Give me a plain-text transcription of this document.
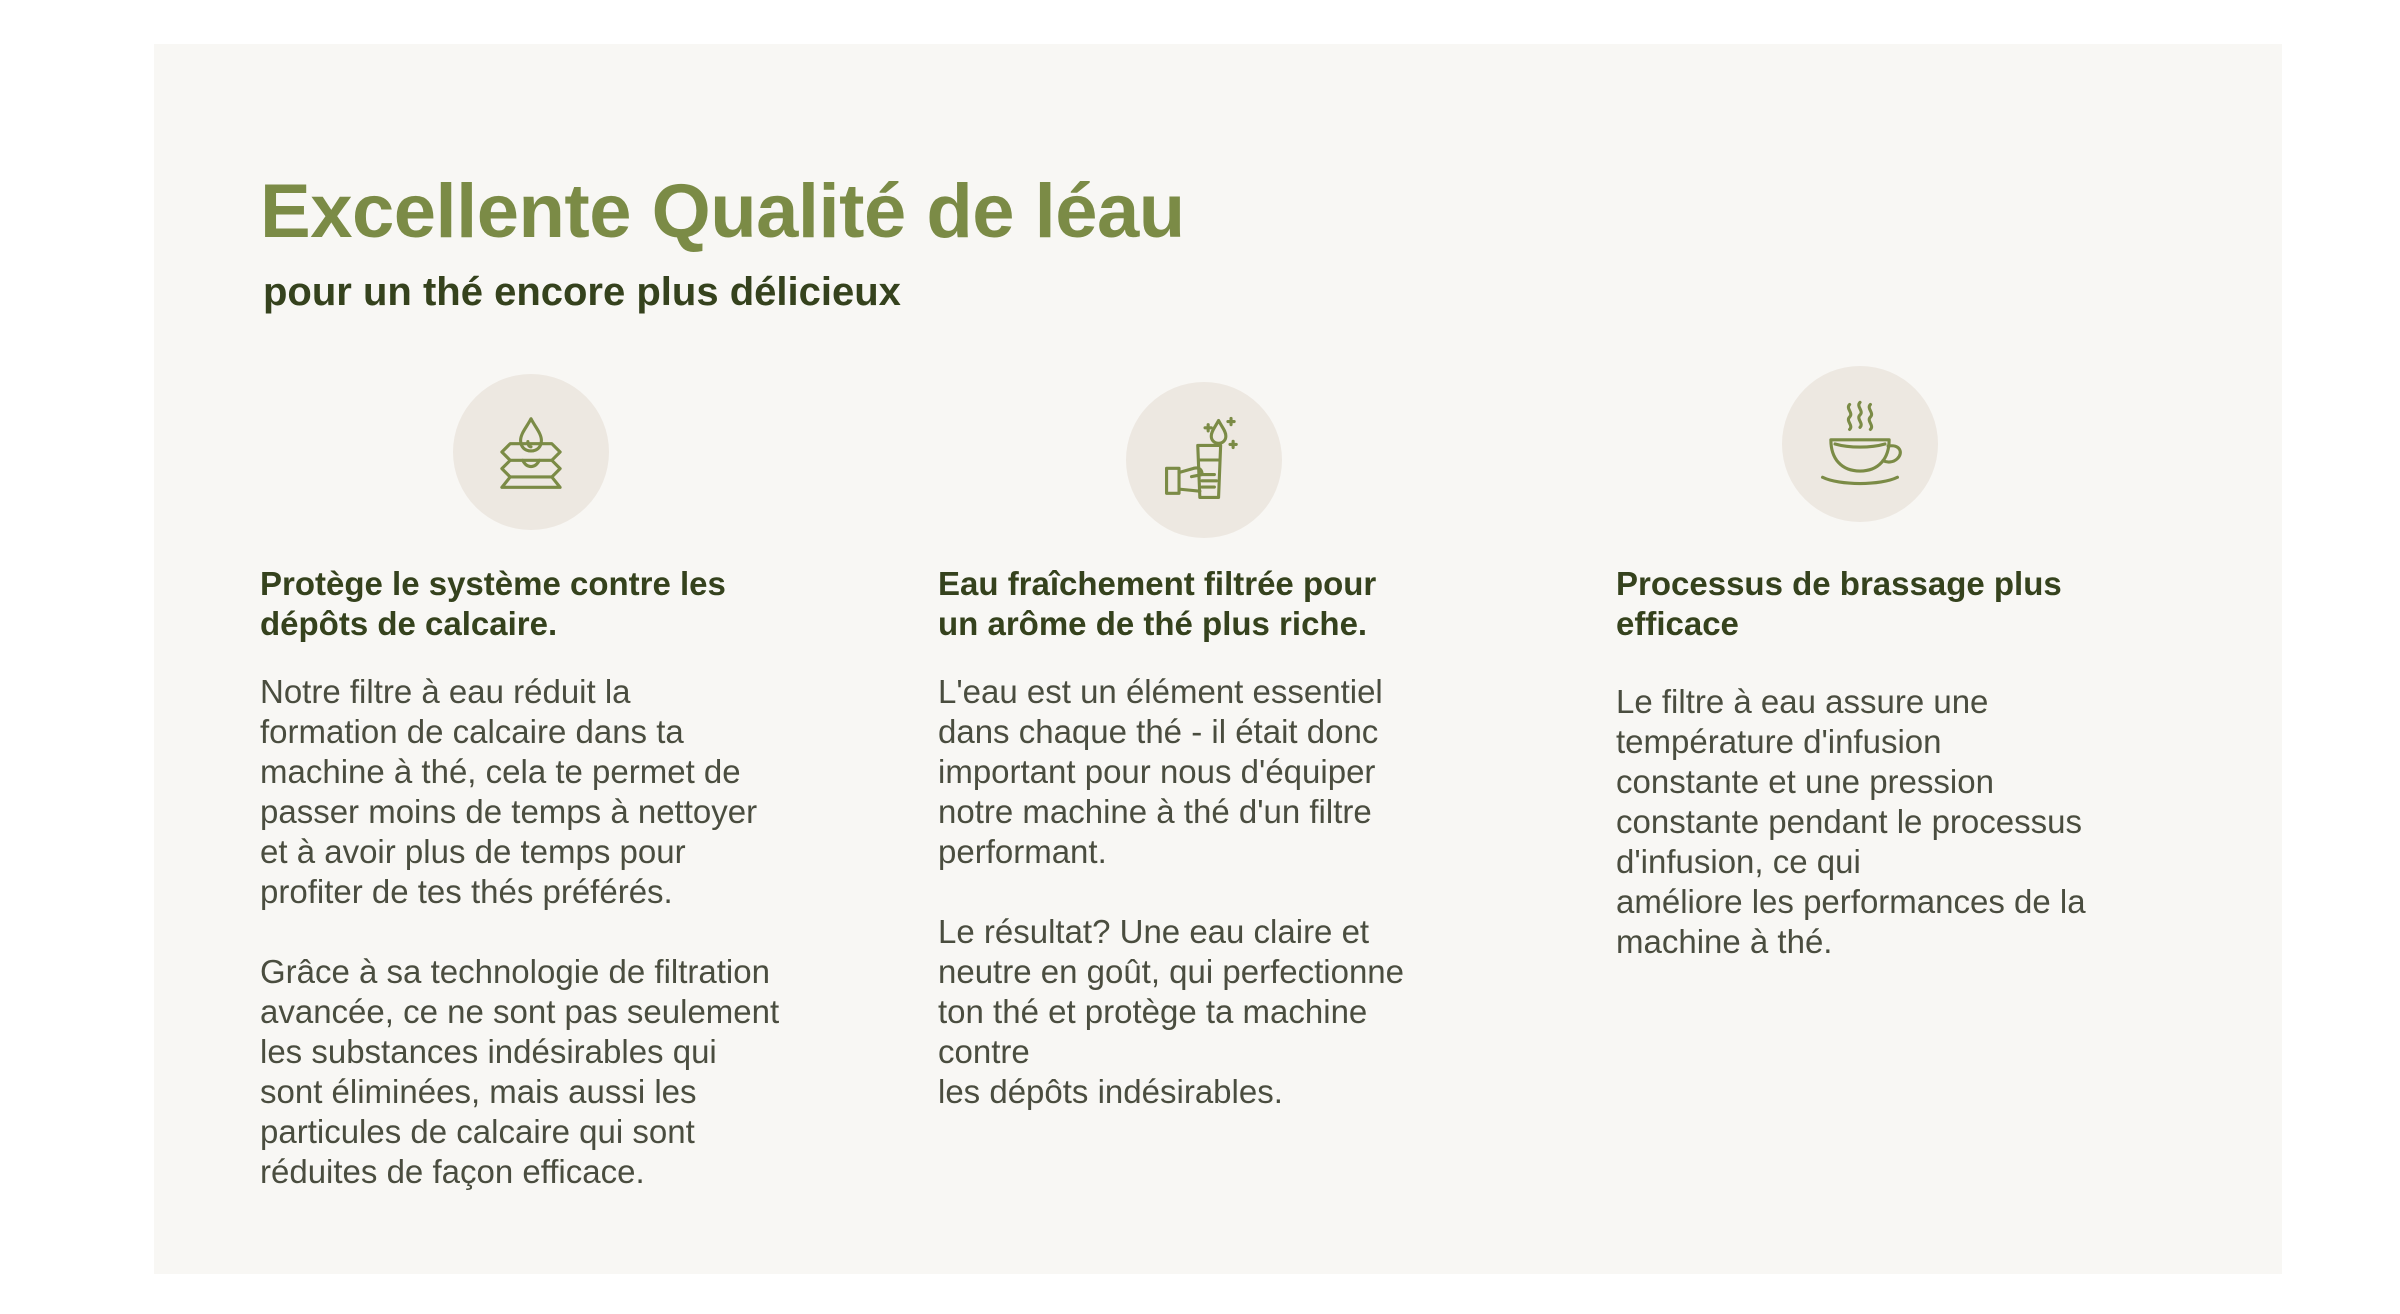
Excellente Qualité de léau
pour un thé encore plus délicieux
Protège le système contre les
dépôts de calcaire.

Notre filtre à eau réduit la
formation de calcaire dans ta
machine à thé, cela te permet de
passer moins de temps à nettoyer
et à avoir plus de temps pour
profiter de tes thés préférés.

Grâce à sa technologie de filtration
avancée, ce ne sont pas seulement
les substances indésirables qui
sont éliminées, mais aussi les
particules de calcaire qui sont
réduites de façon efficace.

Eau fraîchement filtrée pour
un arôme de thé plus riche.

L'eau est un élément essentiel
dans chaque thé - il était donc
important pour nous d'équiper
notre machine à thé d'un filtre
performant.

Le résultat? Une eau claire et
neutre en goût, qui perfectionne
ton thé et protège ta machine
contre
les dépôts indésirables.

Processus de brassage plus
efficace

Le filtre à eau assure une
température d'infusion
constante et une pression
constante pendant le processus
d'infusion, ce qui
améliore les performances de la
machine à thé.
